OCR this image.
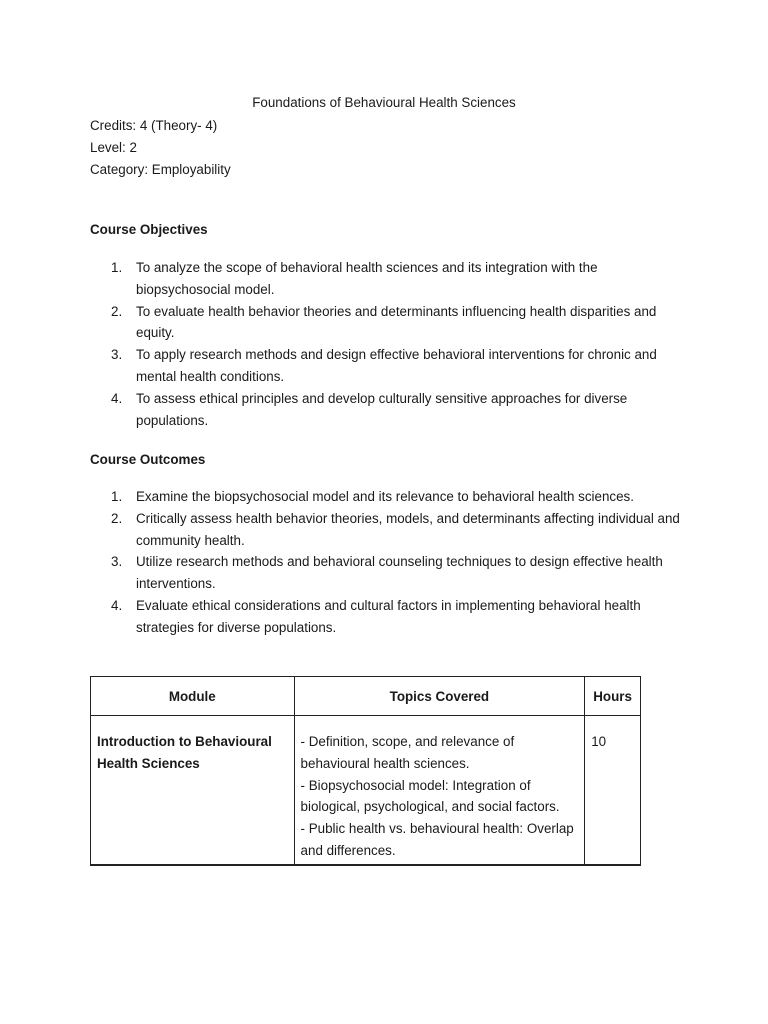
Foundations of Behavioural Health Sciences
Credits: 4 (Theory- 4)
Level: 2
Category: Employability
Course Objectives
1. To analyze the scope of behavioral health sciences and its integration with the biopsychosocial model.
2. To evaluate health behavior theories and determinants influencing health disparities and equity.
3. To apply research methods and design effective behavioral interventions for chronic and mental health conditions.
4. To assess ethical principles and develop culturally sensitive approaches for diverse populations.
Course Outcomes
1. Examine the biopsychosocial model and its relevance to behavioral health sciences.
2. Critically assess health behavior theories, models, and determinants affecting individual and community health.
3. Utilize research methods and behavioral counseling techniques to design effective health interventions.
4. Evaluate ethical considerations and cultural factors in implementing behavioral health strategies for diverse populations.
Module	Topics Covered	Hours
Introduction to Behavioural Health Sciences	- Definition, scope, and relevance of behavioural health sciences.
- Biopsychosocial model: Integration of biological, psychological, and social factors.
- Public health vs. behavioural health: Overlap and differences.	10
